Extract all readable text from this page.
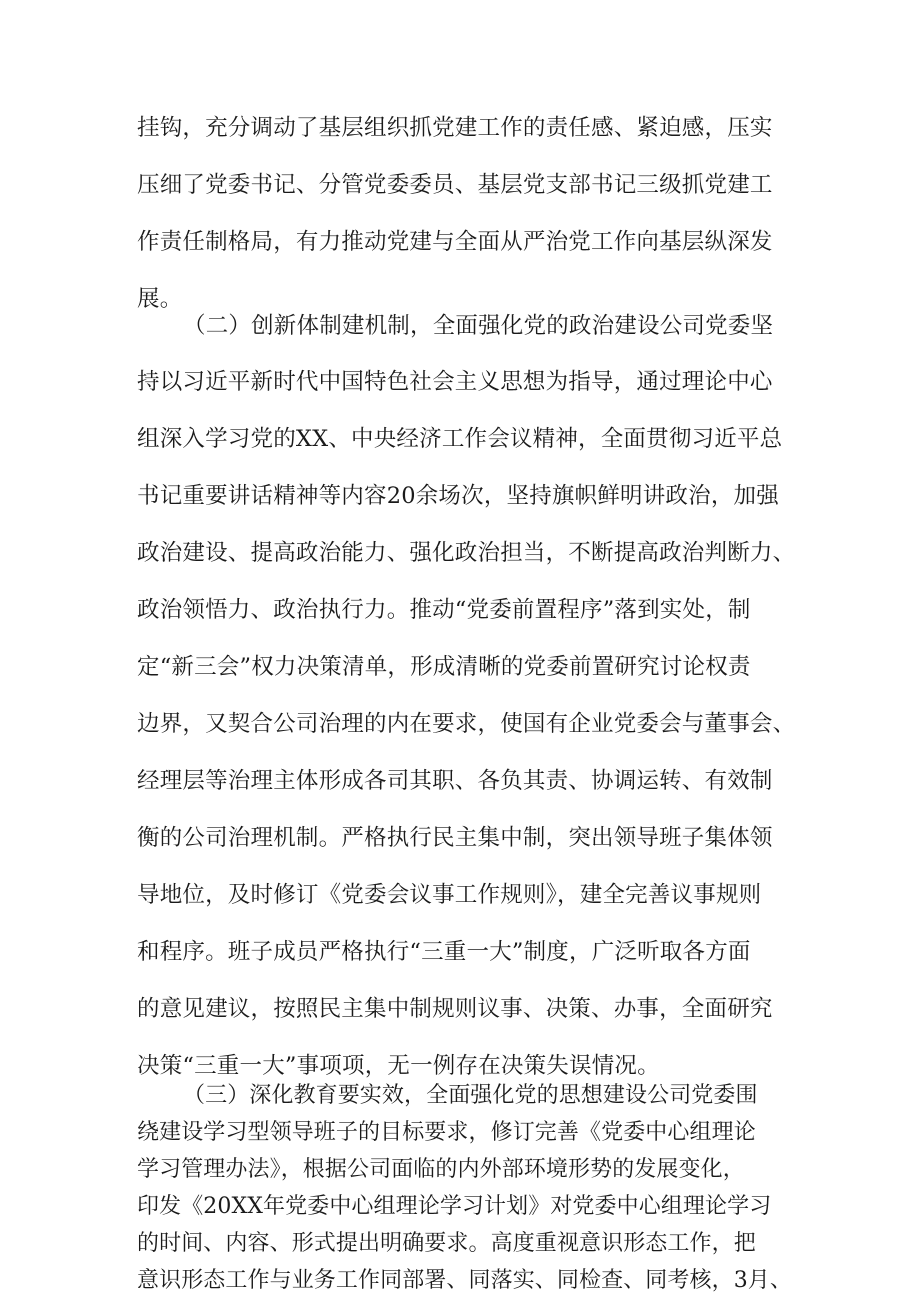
挂钩，充分调动了基层组织抓党建工作的责任感、紧迫感，压实
压细了党委书记、分管党委委员、基层党支部书记三级抓党建工
作责任制格局，有力推动党建与全面从严治党工作向基层纵深发
展。
（二）创新体制建机制，全面强化党的政治建设公司党委坚
持以习近平新时代中国特色社会主义思想为指导，通过理论中心
组深入学习党的XX、中央经济工作会议精神，全面贯彻习近平总
书记重要讲话精神等内容20余场次，坚持旗帜鲜明讲政治，加强
政治建设、提高政治能力、强化政治担当，不断提高政治判断力、
政治领悟力、政治执行力。推动“党委前置程序”落到实处，制
定“新三会”权力决策清单，形成清晰的党委前置研究讨论权责
边界，又契合公司治理的内在要求，使国有企业党委会与董事会、
经理层等治理主体形成各司其职、各负其责、协调运转、有效制
衡的公司治理机制。严格执行民主集中制，突出领导班子集体领
导地位，及时修订《党委会议事工作规则》，建全完善议事规则
和程序。班子成员严格执行“三重一大”制度，广泛听取各方面
的意见建议，按照民主集中制规则议事、决策、办事，全面研究
决策“三重一大”事项项，无一例存在决策失误情况。
（三）深化教育要实效，全面强化党的思想建设公司党委围
绕建设学习型领导班子的目标要求，修订完善《党委中心组理论
学习管理办法》，根据公司面临的内外部环境形势的发展变化，
印发《20XX年党委中心组理论学习计划》对党委中心组理论学习
的时间、内容、形式提出明确要求。高度重视意识形态工作，把
意识形态工作与业务工作同部署、同落实、同检查、同考核，3月、
